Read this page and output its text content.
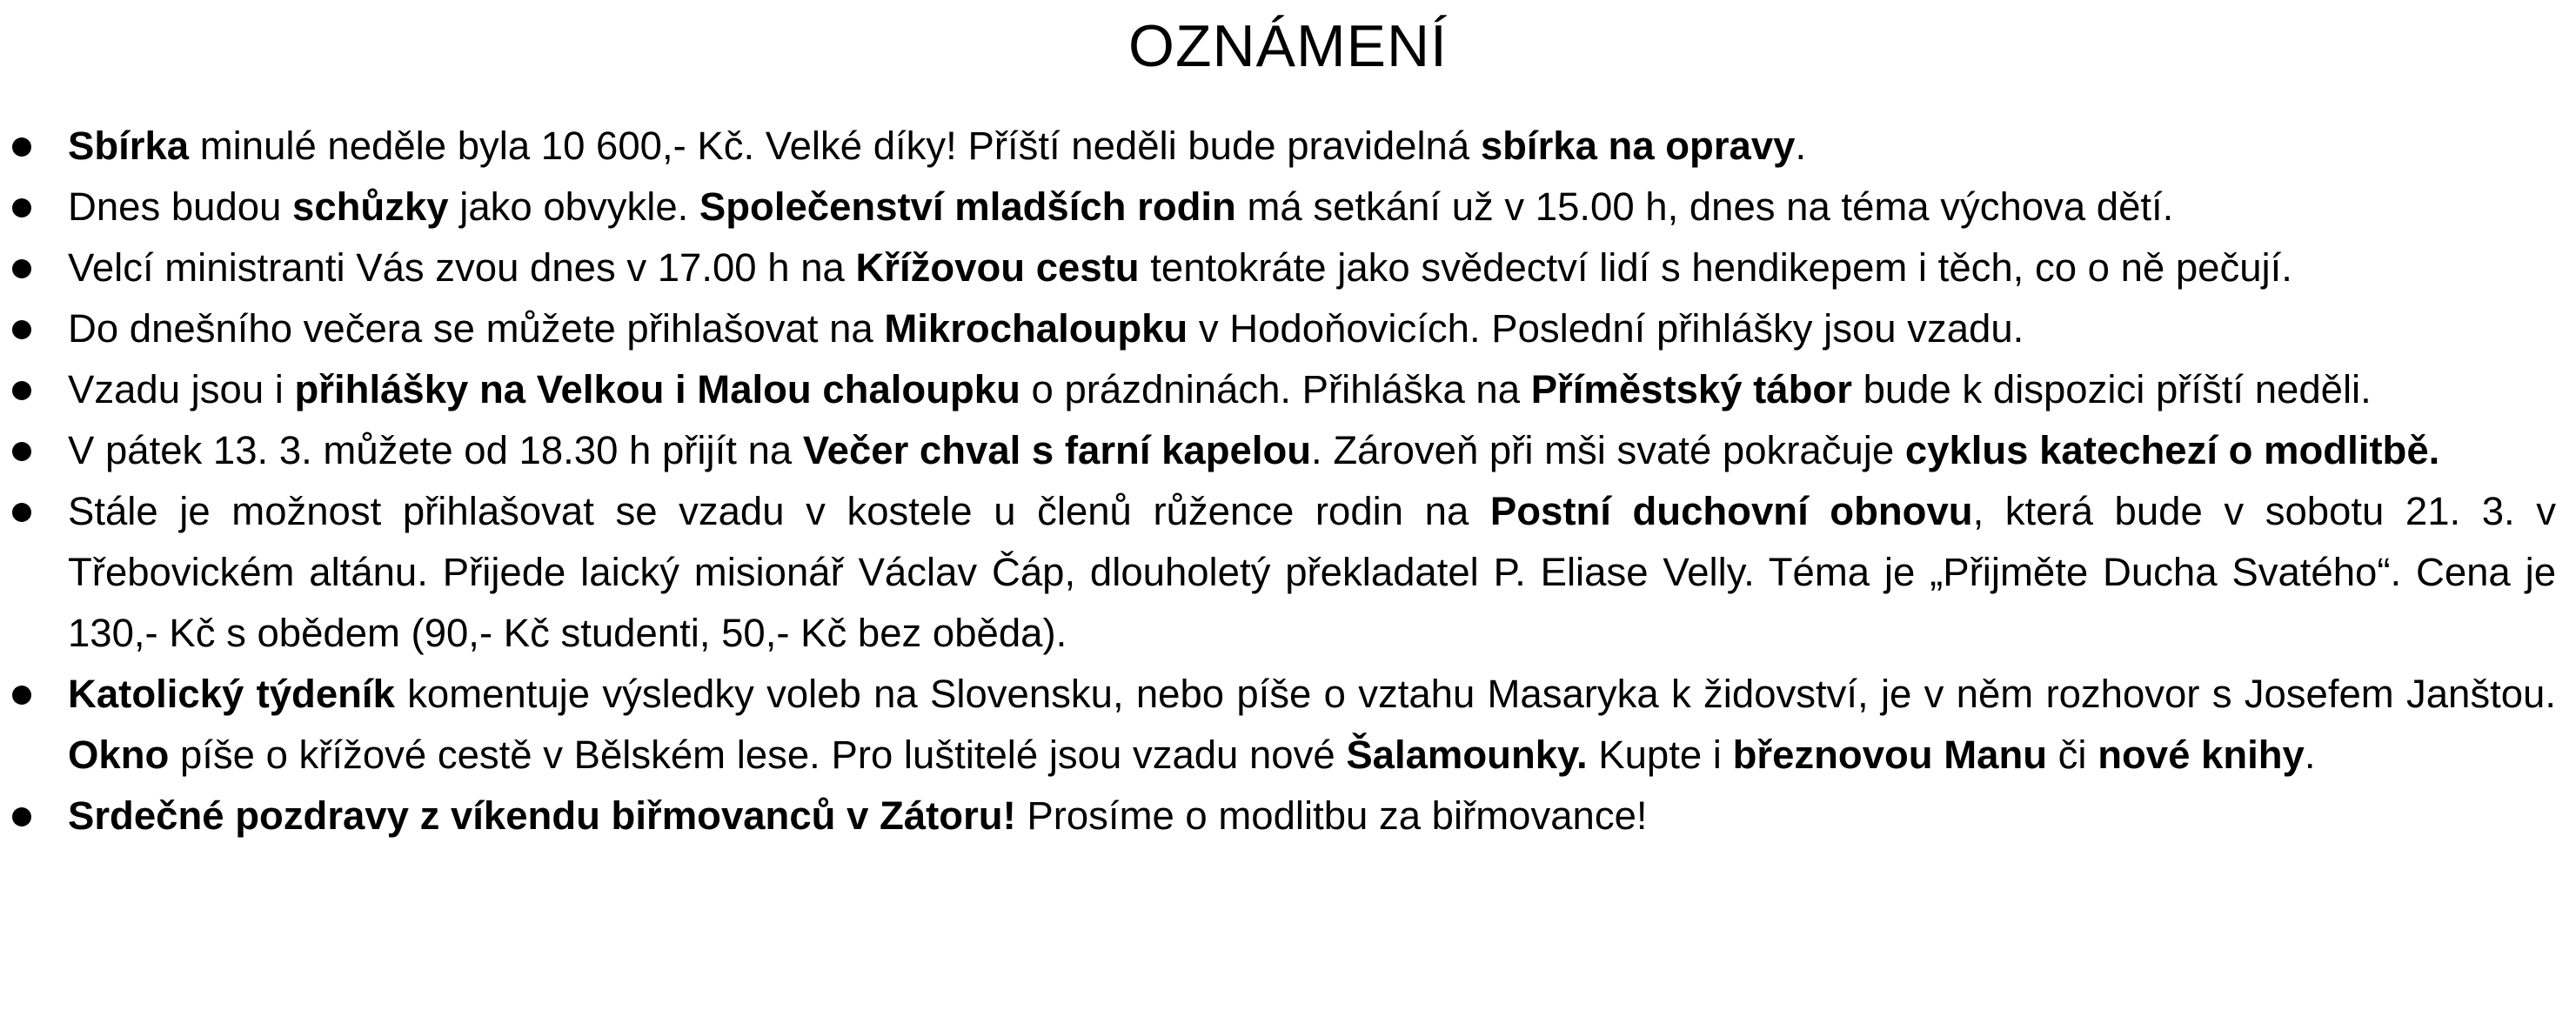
OZNÁMENÍ
Sbírka minulé neděle byla 10 600,- Kč. Velké díky! Příští neděli bude pravidelná sbírka na opravy.
Dnes budou schůzky jako obvykle. Společenství mladších rodin má setkání už v 15.00 h, dnes na téma výchova dětí.
Velcí ministranti Vás zvou dnes v 17.00 h na Křížovou cestu tentokráte jako svědectví lidí s hendikepem i těch, co o ně pečují.
Do dnešního večera se můžete přihlašovat na Mikrochaloupku v Hodoňovicích. Poslední přihlášky jsou vzadu.
Vzadu jsou i přihlášky na Velkou i Malou chaloupku o prázdninách. Přihláška na Příměstský tábor bude k dispozici příští neděli.
V pátek 13. 3. můžete od 18.30 h přijít na Večer chval s farní kapelou. Zároveň při mši svaté pokračuje cyklus katechezí o modlitbě.
Stále je možnost přihlašovat se vzadu v kostele u členů růžence rodin na Postní duchovní obnovu, která bude v sobotu 21. 3. v Třebovickém altánu. Přijede laický misionář Václav Čáp, dlouholetý překladatel P. Eliase Velly. Téma je „Přijměte Ducha Svatého“. Cena je 130,- Kč s obědem (90,- Kč studenti, 50,- Kč bez oběda).
Katolický týdeník komentuje výsledky voleb na Slovensku, nebo píše o vztahu Masaryka k židovství, je v něm rozhovor s Josefem Janštou. Okno píše o křížové cestě v Bělském lese. Pro luštitelé jsou vzadu nové Šalamounky. Kupte i březnovou Manu či nové knihy.
Srdečné pozdravy z víkendu biřmovanců v Zátoru! Prosíme o modlitbu za biřmovance!
